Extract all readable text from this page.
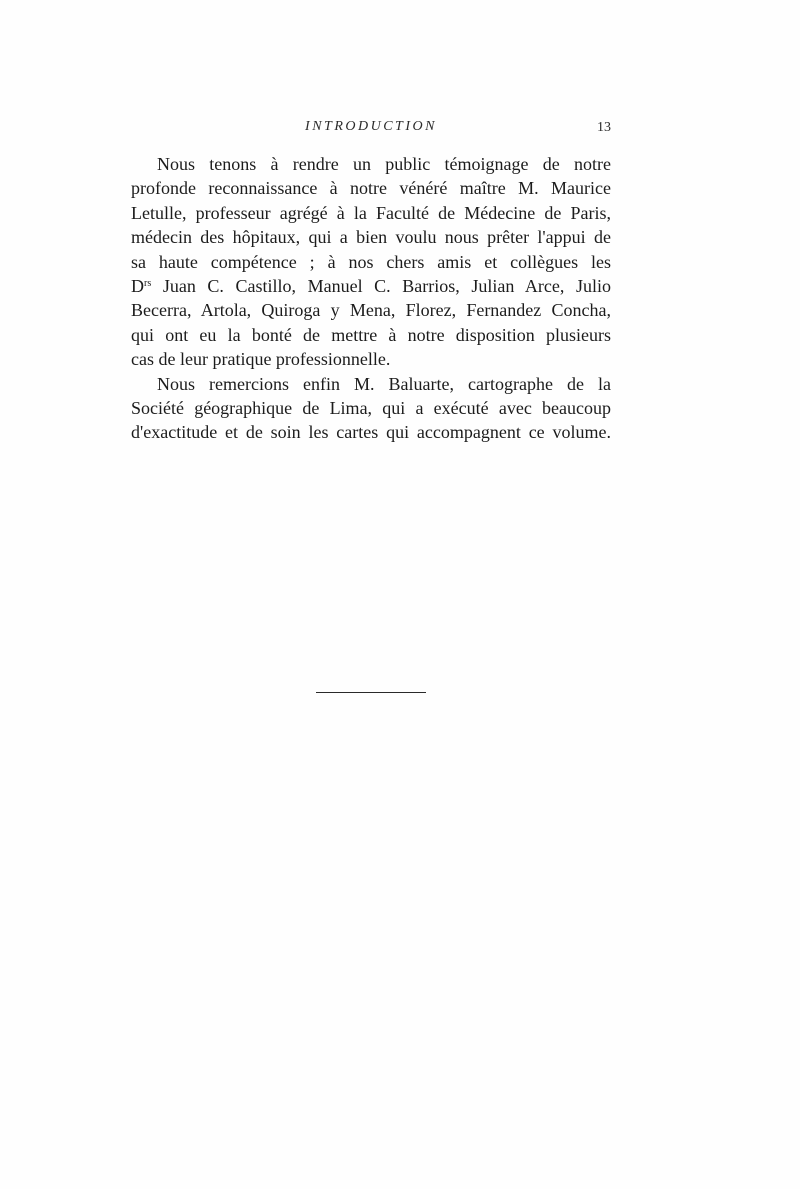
INTRODUCTION	13

Nous tenons à rendre un public témoignage de notre
profonde reconnaissance à notre vénéré maître M. Maurice
Letulle, professeur agrégé à la Faculté de Médecine de Paris,
médecin des hôpitaux, qui a bien voulu nous prêter l'appui de
sa haute compétence ; à nos chers amis et collègues les
$D^{rs}$ Juan C. Castillo, Manuel C. Barrios, Julian Arce, Julio
Becerra, Artola, Quiroga y Mena, Florez, Fernandez Concha,
qui ont eu la bonté de mettre à notre disposition plusieurs
cas de leur pratique professionnelle.

Nous remercions enfin M. Baluarte, cartographe de la
Société géographique de Lima, qui a exécuté avec beaucoup
d'exactitude et de soin les cartes qui accompagnent ce volume.
